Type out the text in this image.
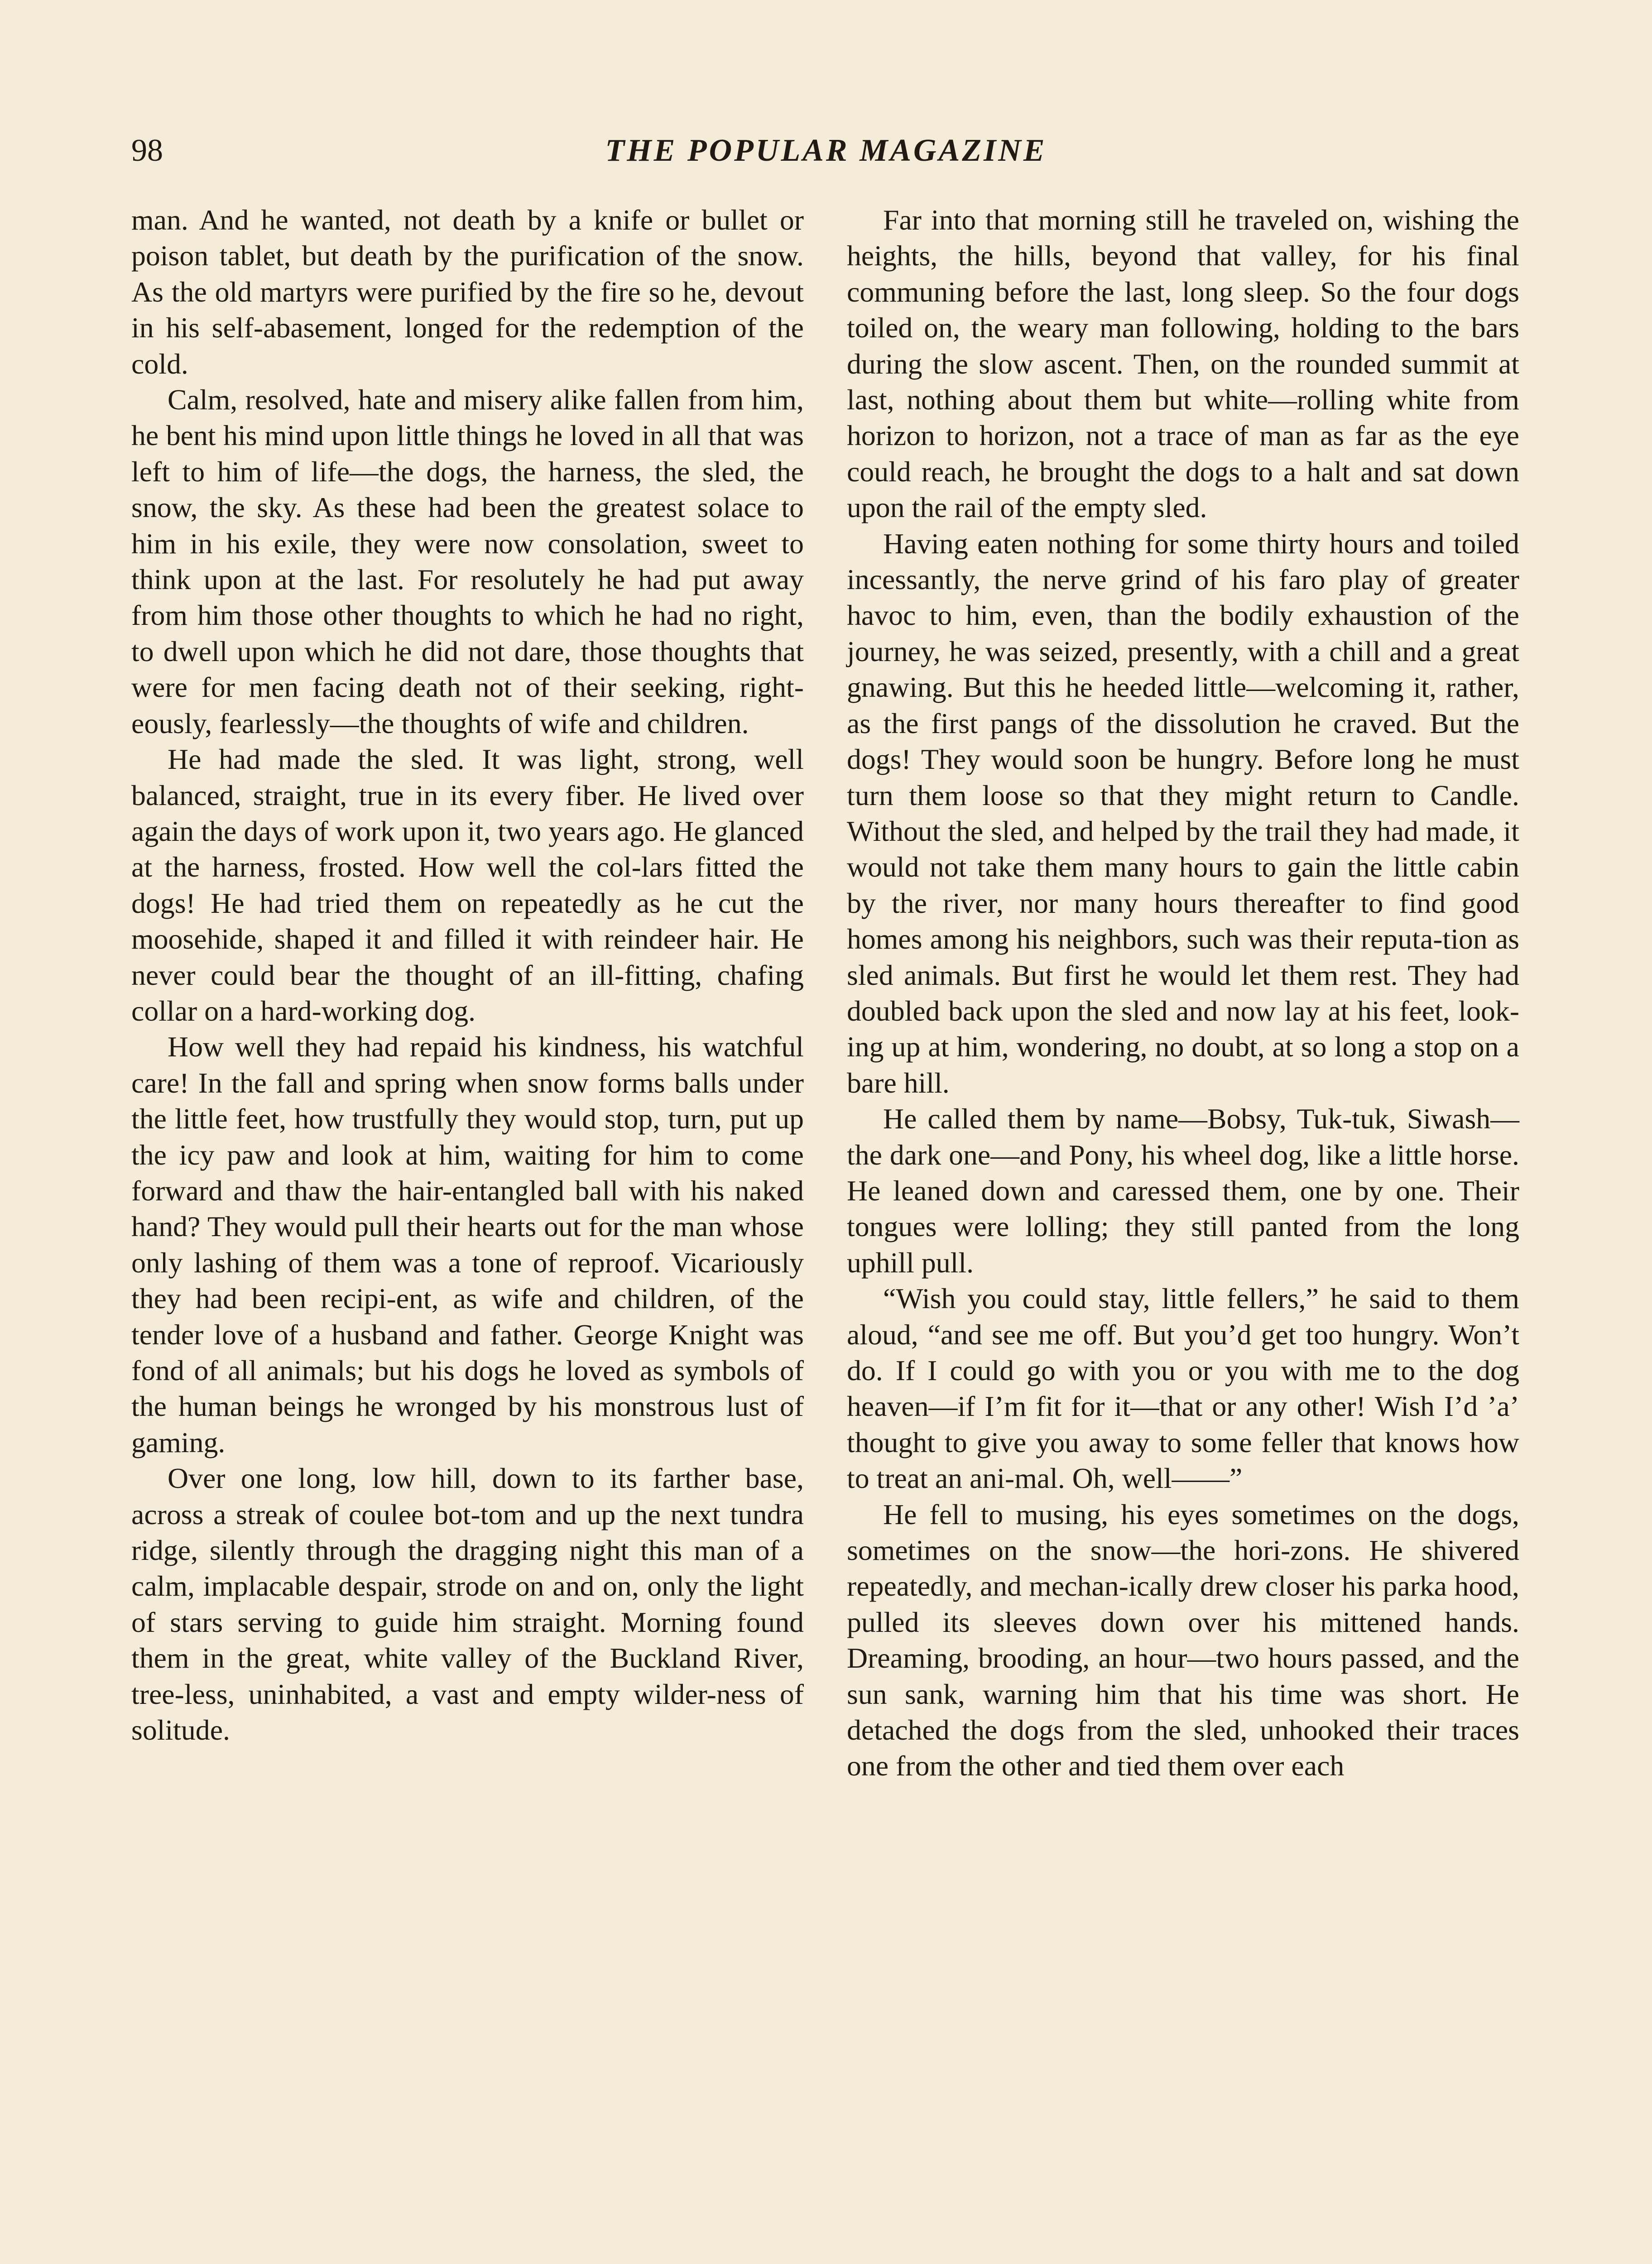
98	THE POPULAR MAGAZINE

man. And he wanted, not death by a knife or bullet or poison tablet, but death by the purification of the snow. As the old martyrs were purified by the fire so he, devout in his self-abasement, longed for the redemption of the cold.

Calm, resolved, hate and misery alike fallen from him, he bent his mind upon little things he loved in all that was left to him of life—the dogs, the harness, the sled, the snow, the sky. As these had been the greatest solace to him in his exile, they were now consolation, sweet to think upon at the last. For resolutely he had put away from him those other thoughts to which he had no right, to dwell upon which he did not dare, those thoughts that were for men facing death not of their seeking, right-eously, fearlessly—the thoughts of wife and children.

He had made the sled. It was light, strong, well balanced, straight, true in its every fiber. He lived over again the days of work upon it, two years ago. He glanced at the harness, frosted. How well the col-lars fitted the dogs! He had tried them on repeatedly as he cut the moosehide, shaped it and filled it with reindeer hair. He never could bear the thought of an ill-fitting, chafing collar on a hard-working dog.

How well they had repaid his kindness, his watchful care! In the fall and spring when snow forms balls under the little feet, how trustfully they would stop, turn, put up the icy paw and look at him, waiting for him to come forward and thaw the hair-entangled ball with his naked hand? They would pull their hearts out for the man whose only lashing of them was a tone of reproof. Vicariously they had been recipi-ent, as wife and children, of the tender love of a husband and father. George Knight was fond of all animals; but his dogs he loved as symbols of the human beings he wronged by his monstrous lust of gaming.

Over one long, low hill, down to its farther base, across a streak of coulee bot-tom and up the next tundra ridge, silently through the dragging night this man of a calm, implacable despair, strode on and on, only the light of stars serving to guide him straight. Morning found them in the great, white valley of the Buckland River, tree-less, uninhabited, a vast and empty wilder-ness of solitude.

Far into that morning still he traveled on, wishing the heights, the hills, beyond that valley, for his final communing before the last, long sleep. So the four dogs toiled on, the weary man following, holding to the bars during the slow ascent. Then, on the rounded summit at last, nothing about them but white—rolling white from horizon to horizon, not a trace of man as far as the eye could reach, he brought the dogs to a halt and sat down upon the rail of the empty sled.

Having eaten nothing for some thirty hours and toiled incessantly, the nerve grind of his faro play of greater havoc to him, even, than the bodily exhaustion of the journey, he was seized, presently, with a chill and a great gnawing. But this he heeded little—welcoming it, rather, as the first pangs of the dissolution he craved. But the dogs! They would soon be hungry. Before long he must turn them loose so that they might return to Candle. Without the sled, and helped by the trail they had made, it would not take them many hours to gain the little cabin by the river, nor many hours thereafter to find good homes among his neighbors, such was their reputa-tion as sled animals. But first he would let them rest. They had doubled back upon the sled and now lay at his feet, look-ing up at him, wondering, no doubt, at so long a stop on a bare hill.

He called them by name—Bobsy, Tuk-tuk, Siwash—the dark one—and Pony, his wheel dog, like a little horse. He leaned down and caressed them, one by one. Their tongues were lolling; they still panted from the long uphill pull.

“Wish you could stay, little fellers,” he said to them aloud, “and see me off. But you’d get too hungry. Won’t do. If I could go with you or you with me to the dog heaven—if I’m fit for it—that or any other! Wish I’d ’a’ thought to give you away to some feller that knows how to treat an ani-mal. Oh, well——”

He fell to musing, his eyes sometimes on the dogs, sometimes on the snow—the hori-zons. He shivered repeatedly, and mechan-ically drew closer his parka hood, pulled its sleeves down over his mittened hands. Dreaming, brooding, an hour—two hours passed, and the sun sank, warning him that his time was short. He detached the dogs from the sled, unhooked their traces one from the other and tied them over each
